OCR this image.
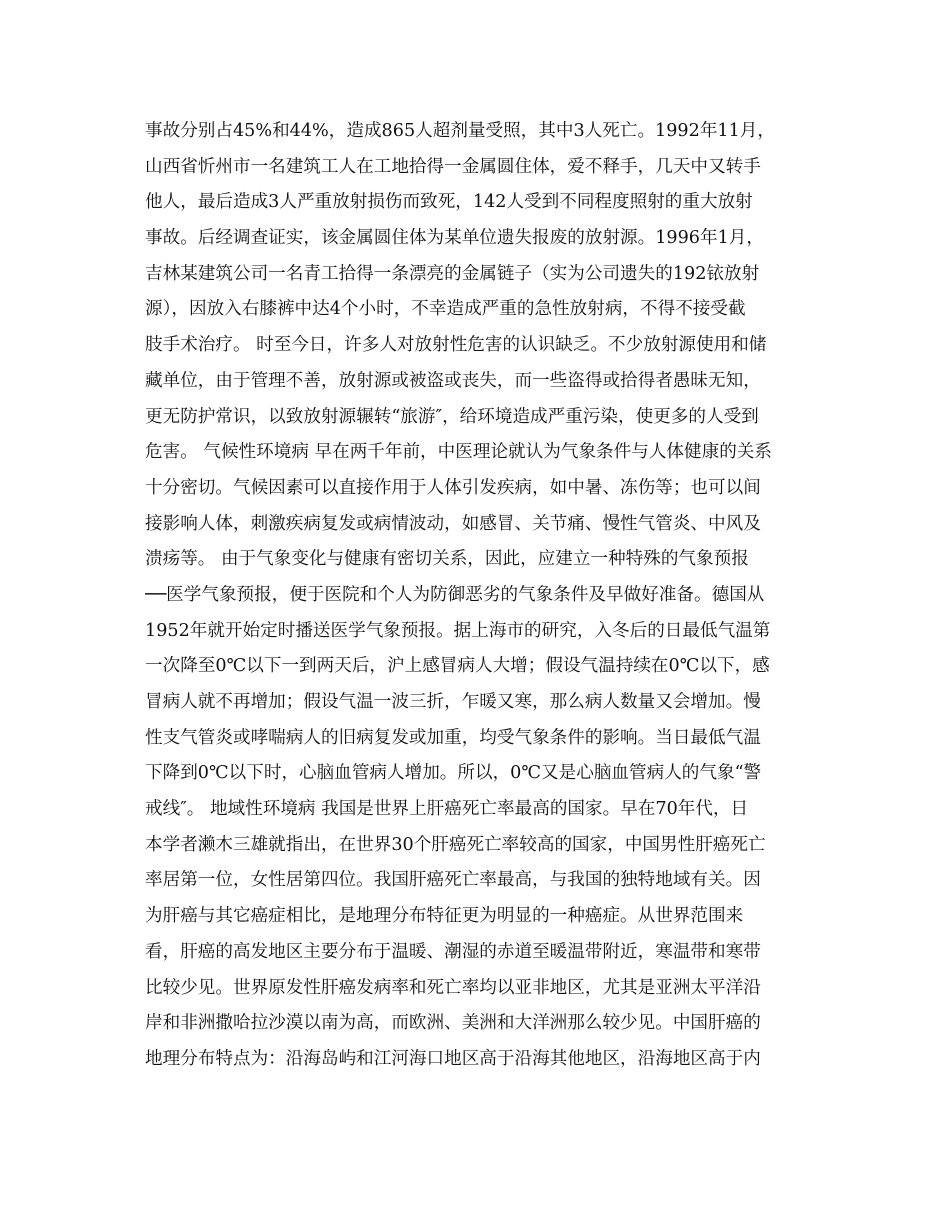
事故分别占45%和44%，造成865人超剂量受照，其中3人死亡。1992年11月，
山西省忻州市一名建筑工人在工地拾得一金属圆住体，爱不释手，几天中又转手
他人，最后造成3人严重放射损伤而致死，142人受到不同程度照射的重大放射
事故。后经调查证实，该金属圆住体为某单位遗失报废的放射源。1996年1月，
吉林某建筑公司一名青工拾得一条漂亮的金属链子（实为公司遗失的192铱放射
源），因放入右膝裤中达4个小时，不幸造成严重的急性放射病，不得不接受截
肢手术治疗。 时至今日，许多人对放射性危害的认识缺乏。不少放射源使用和储
藏单位，由于管理不善，放射源或被盗或丧失，而一些盗得或拾得者愚昧无知，
更无防护常识，以致放射源辗转“旅游″，给环境造成严重污染，使更多的人受到
危害。 气候性环境病 早在两千年前，中医理论就认为气象条件与人体健康的关系
十分密切。气候因素可以直接作用于人体引发疾病，如中暑、冻伤等；也可以间
接影响人体，刺激疾病复发或病情波动，如感冒、关节痛、慢性气管炎、中风及
溃疡等。 由于气象变化与健康有密切关系，因此，应建立一种特殊的气象预报
──医学气象预报，便于医院和个人为防御恶劣的气象条件及早做好准备。德国从
1952年就开始定时播送医学气象预报。据上海市的研究，入冬后的日最低气温第
一次降至0℃以下一到两天后，沪上感冒病人大增；假设气温持续在0℃以下，感
冒病人就不再增加；假设气温一波三折，乍暖又寒，那么病人数量又会增加。慢
性支气管炎或哮喘病人的旧病复发或加重，均受气象条件的影响。当日最低气温
下降到0℃以下时，心脑血管病人增加。所以，0℃又是心脑血管病人的气象“警
戒线″。 地域性环境病 我国是世界上肝癌死亡率最高的国家。早在70年代，日
本学者濑木三雄就指出，在世界30个肝癌死亡率较高的国家，中国男性肝癌死亡
率居第一位，女性居第四位。我国肝癌死亡率最高，与我国的独特地域有关。因
为肝癌与其它癌症相比，是地理分布特征更为明显的一种癌症。从世界范围来
看，肝癌的高发地区主要分布于温暖、潮湿的赤道至暖温带附近，寒温带和寒带
比较少见。世界原发性肝癌发病率和死亡率均以亚非地区，尤其是亚洲太平洋沿
岸和非洲撒哈拉沙漠以南为高，而欧洲、美洲和大洋洲那么较少见。中国肝癌的
地理分布特点为：沿海岛屿和江河海口地区高于沿海其他地区，沿海地区高于内
